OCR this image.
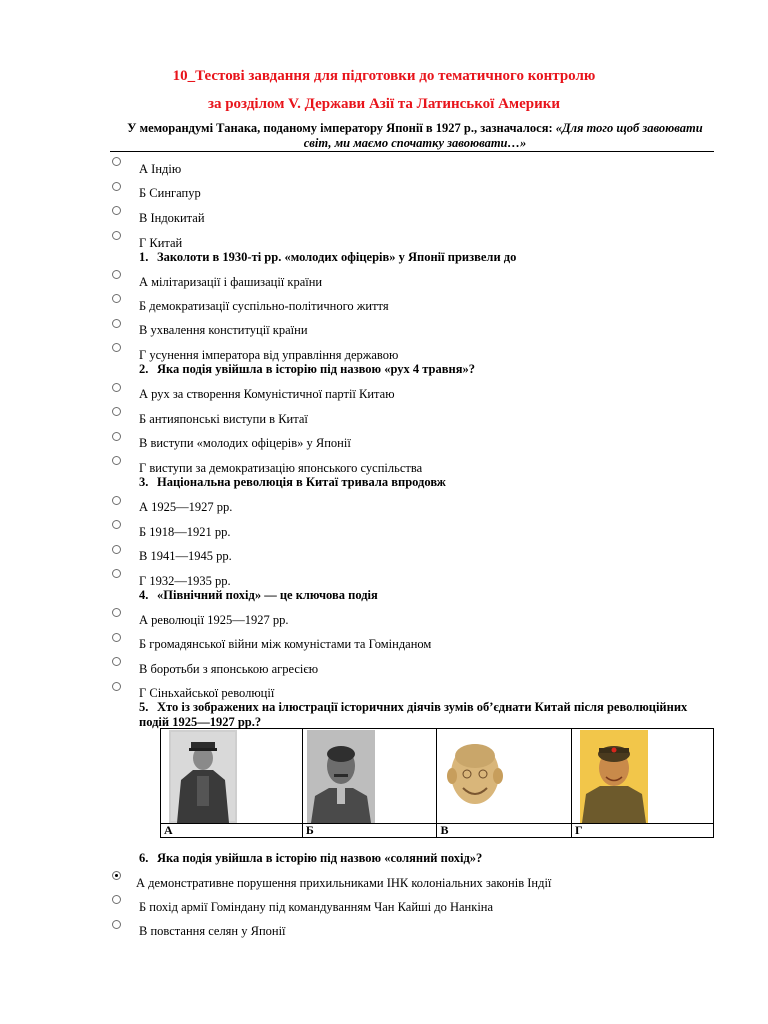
10_Тестові завдання для підготовки до тематичного контролю
за розділом V. Держави Азії та Латинської Америки
У меморандумі Танака, поданому імператору Японії в 1927 р., зазначалося: «Для того щоб завоювати світ, ми маємо спочатку завоювати…»
А Індію
Б Сингапур
В Індокитай
Г Китай
1. Заколоти в 1930-ті рр. «молодих офіцерів» у Японії призвели до
А мілітаризації і фашизації країни
Б демократизації суспільно-політичного життя
В ухвалення конституції країни
Г усунення імператора від управління державою
2. Яка подія увійшла в історію під назвою «рух 4 травня»?
А рух за створення Комуністичної партії Китаю
Б антияпонські виступи в Китаї
В виступи «молодих офіцерів» у Японії
Г виступи за демократизацію японського суспільства
3. Національна революція в Китаї тривала впродовж
А 1925—1927 рр.
Б 1918—1921 рр.
В 1941—1945 рр.
Г 1932—1935 рр.
4. «Північний похід» — це ключова подія
А революції 1925—1927 рр.
Б громадянської війни між комуністами та Гомінданом
В боротьби з японською агресією
Г Сіньхайської революції
5. Хто із зображених на ілюстрації історичних діячів зумів об’єднати Китай після революційних подій 1925—1927 рр.?

А	Б	В	Г
6. Яка подія увійшла в історію під назвою «соляний похід»?
А демонстративне порушення прихильниками ІНК колоніальних законів Індії
Б похід армії Гоміндану під командуванням Чан Кайші до Нанкіна
В повстання селян у Японії
